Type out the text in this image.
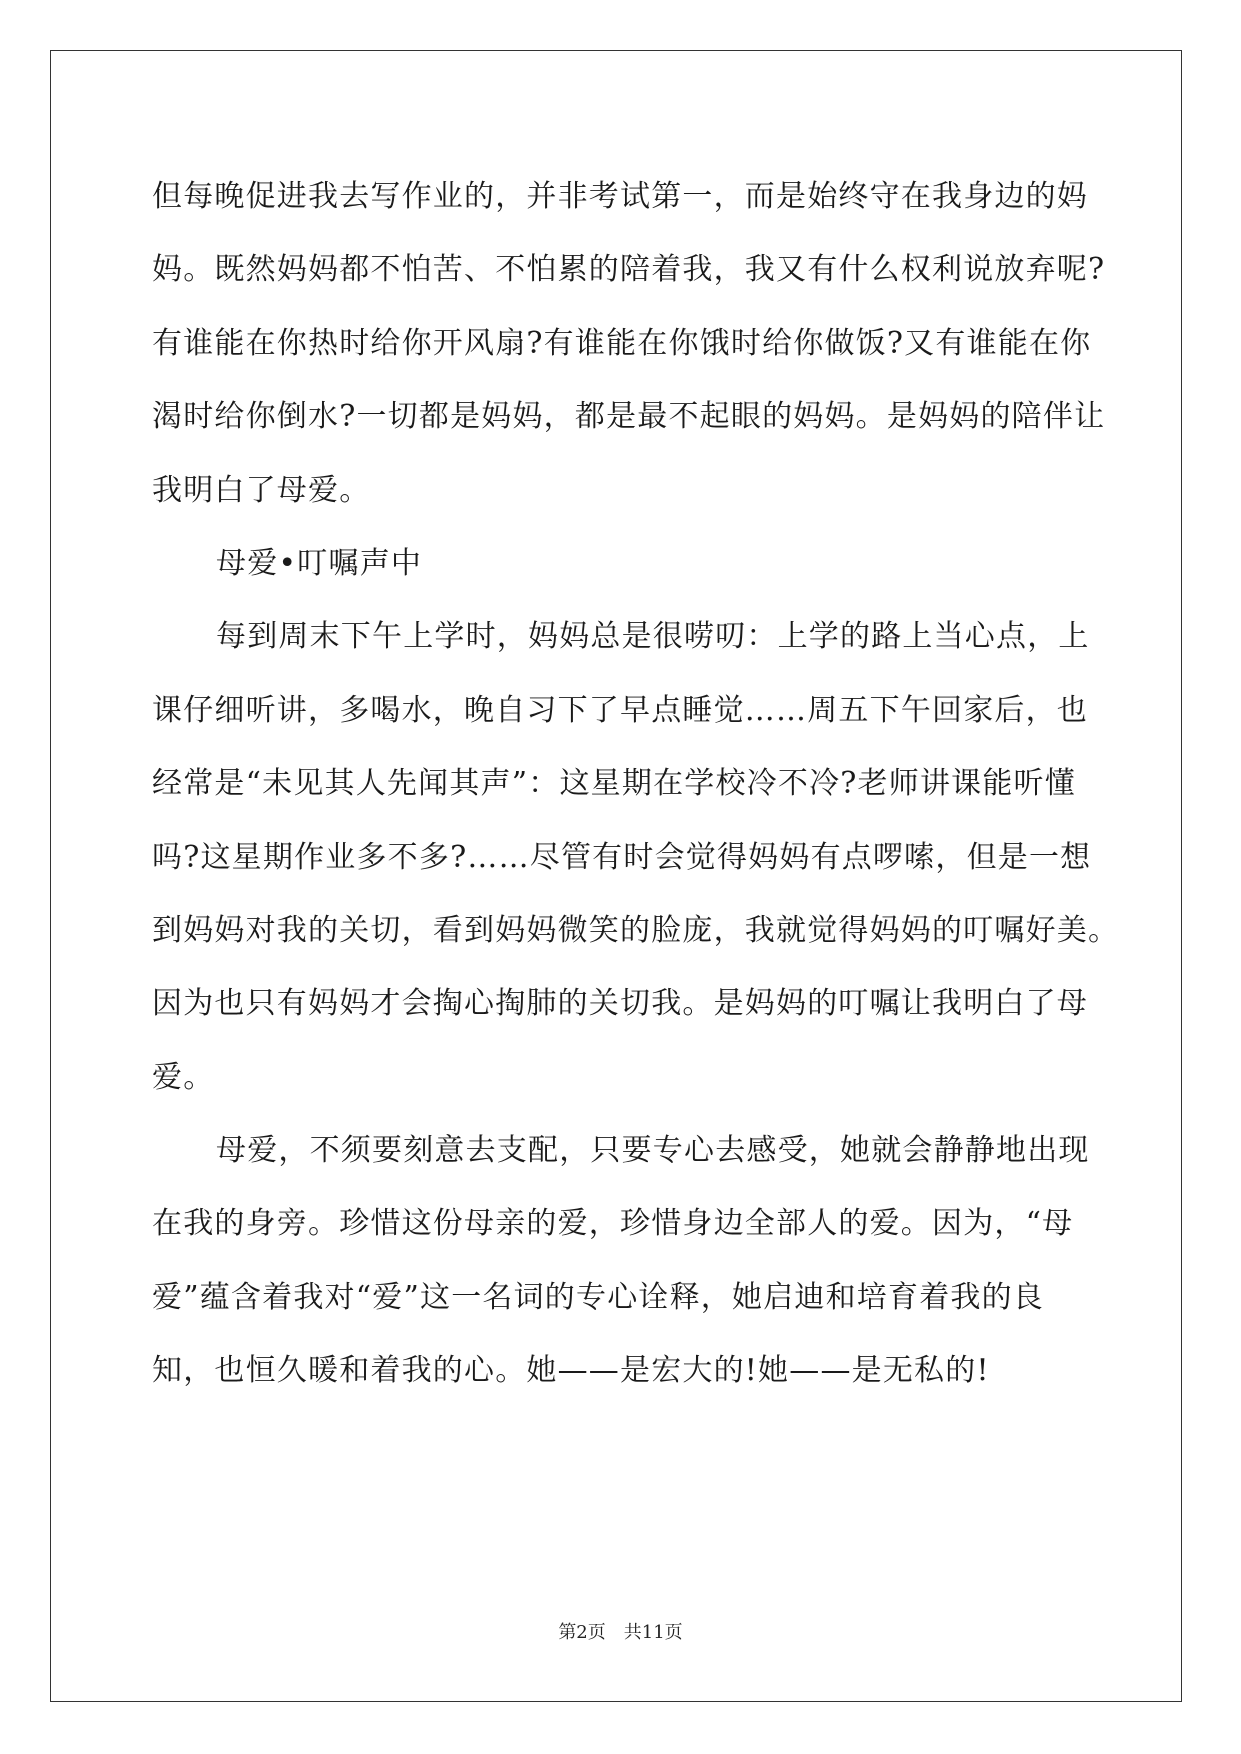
但每晚促进我去写作业的，并非考试第一，而是始终守在我身边的妈
妈。既然妈妈都不怕苦、不怕累的陪着我，我又有什么权利说放弃呢?
有谁能在你热时给你开风扇?有谁能在你饿时给你做饭?又有谁能在你
渴时给你倒水?一切都是妈妈，都是最不起眼的妈妈。是妈妈的陪伴让
我明白了母爱。
母爱•叮嘱声中
每到周末下午上学时，妈妈总是很唠叨：上学的路上当心点，上
课仔细听讲，多喝水，晚自习下了早点睡觉……周五下午回家后，也
经常是“未见其人先闻其声”：这星期在学校冷不冷?老师讲课能听懂
吗?这星期作业多不多?……尽管有时会觉得妈妈有点啰嗦，但是一想
到妈妈对我的关切，看到妈妈微笑的脸庞，我就觉得妈妈的叮嘱好美。
因为也只有妈妈才会掏心掏肺的关切我。是妈妈的叮嘱让我明白了母
爱。
母爱，不须要刻意去支配，只要专心去感受，她就会静静地出现
在我的身旁。珍惜这份母亲的爱，珍惜身边全部人的爱。因为，“母
爱”蕴含着我对“爱”这一名词的专心诠释，她启迪和培育着我的良
知，也恒久暖和着我的心。她——是宏大的!她——是无私的!
第2页　共11页
